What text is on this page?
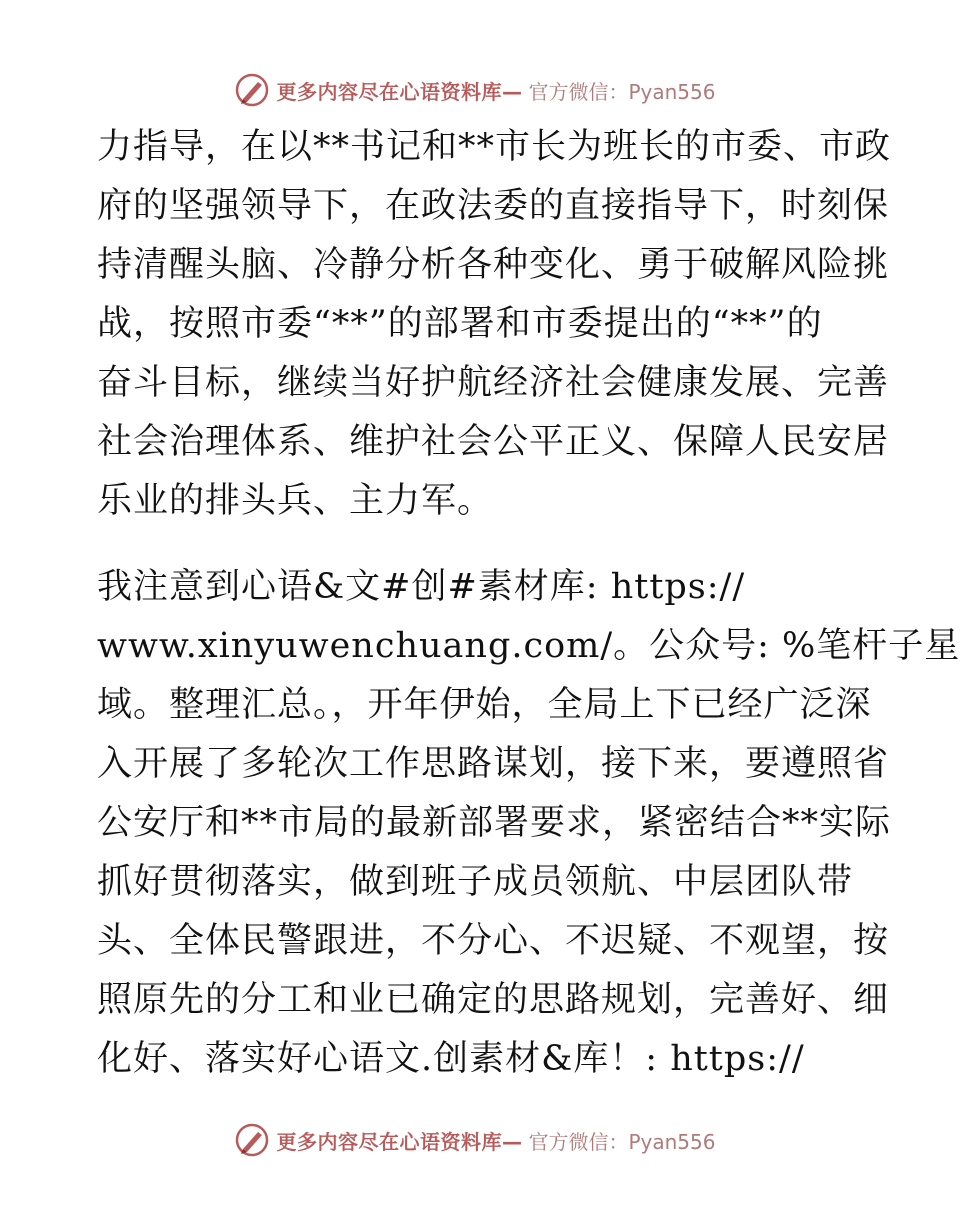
更多内容尽在心语资料库— 官方微信：Pyan556
力指导，在以**书记和**市长为班长的市委、市政
府的坚强领导下，在政法委的直接指导下，时刻保
持清醒头脑、冷静分析各种变化、勇于破解风险挑
战，按照市委“**”的部署和市委提出的“**”的
奋斗目标，继续当好护航经济社会健康发展、完善
社会治理体系、维护社会公平正义、保障人民安居
乐业的排头兵、主力军。
我注意到心语&文#创#素材库: https://
www.xinyuwenchuang.com/。公众号: %笔杆子星
域。整理汇总。，开年伊始，全局上下已经广泛深
入开展了多轮次工作思路谋划，接下来，要遵照省
公安厅和**市局的最新部署要求，紧密结合**实际
抓好贯彻落实，做到班子成员领航、中层团队带
头、全体民警跟进，不分心、不迟疑、不观望，按
照原先的分工和业已确定的思路规划，完善好、细
化好、落实好心语文.创素材&库！: https://
更多内容尽在心语资料库— 官方微信：Pyan556
